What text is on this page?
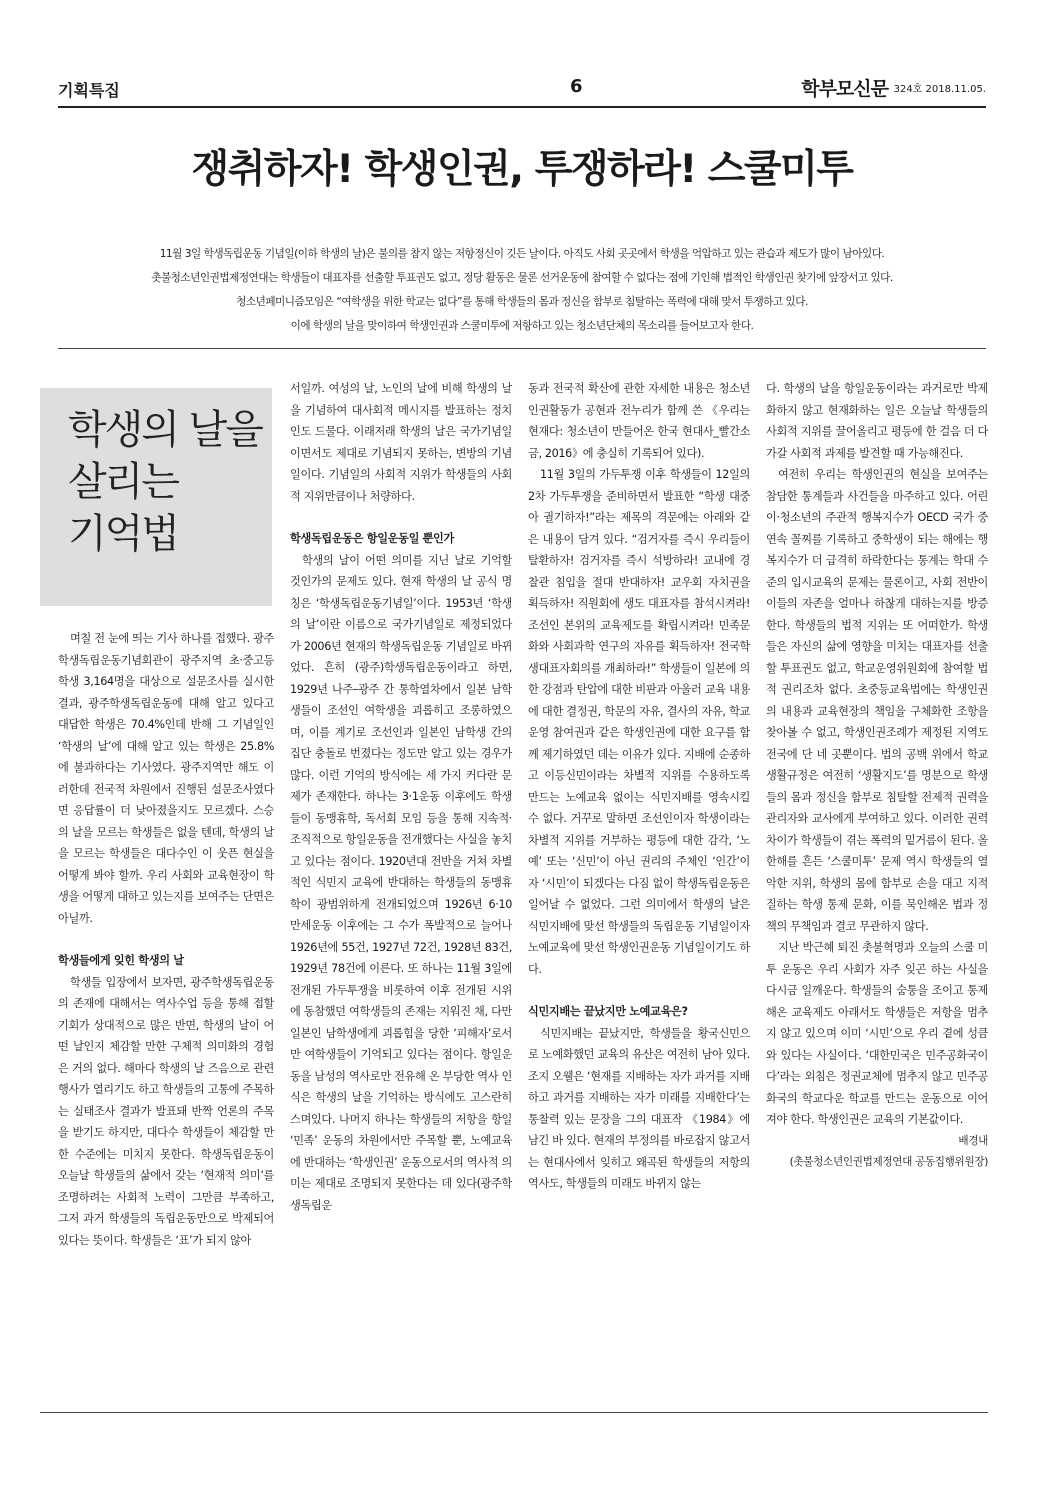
기획특집	6	학부모신문 324호 2018.11.05.
쟁취하자! 학생인권, 투쟁하라! 스쿨미투
11월 3일 학생독립운동 기념일(이하 학생의 날)은 불의를 참지 않는 저항정신이 깃든 날이다. 아직도 사회 곳곳에서 학생을 억압하고 있는 관습과 제도가 많이 남아있다.
촛불청소년인권법제정연대는 학생들이 대표자를 선출할 투표권도 없고, 정당 활동은 물론 선거운동에 참여할 수 없다는 점에 기인해 법적인 학생인권 찾기에 앞장서고 있다.
청소년페미니즘모임은 “여학생을 위한 학교는 없다”를 통해 학생들의 몸과 정신을 함부로 침탈하는 폭력에 대해 맞서 투쟁하고 있다.
이에 학생의 날을 맞이하여 학생인권과 스쿨미투에 저항하고 있는 청소년단체의 목소리를 들어보고자 한다.
학생의 날을
살리는
기억법

며칠 전 눈에 띄는 기사 하나를 접했다. 광주학생독립운동기념회관이 광주지역 초·중고등학생 3,164명을 대상으로 설문조사를 실시한 결과, 광주학생독립운동에 대해 알고 있다고 대답한 학생은 70.4%인데 반해 그 기념일인 ‘학생의 날’에 대해 알고 있는 학생은 25.8%에 불과하다는 기사였다. 광주지역만 해도 이러한데 전국적 차원에서 진행된 설문조사였다면 응답률이 더 낮아졌을지도 모르겠다. 스승의 날을 모르는 학생들은 없을 텐데, 학생의 날을 모르는 학생들은 대다수인 이 웃픈 현실을 어떻게 봐야 할까. 우리 사회와 교육현장이 학생을 어떻게 대하고 있는지를 보여주는 단면은 아닐까.

학생들에게 잊힌 학생의 날

학생들 입장에서 보자면, 광주학생독립운동의 존재에 대해서는 역사수업 등을 통해 접할 기회가 상대적으로 많은 반면, 학생의 날이 어떤 날인지 체감할 만한 구체적 의미화의 경험은 거의 없다. 해마다 학생의 날 즈음으로 관련 행사가 열리기도 하고 학생들의 고통에 주목하는 실태조사 결과가 발표돼 반짝 언론의 주목을 받기도 하지만, 대다수 학생들이 체감할 만한 수준에는 미치지 못한다. 학생독립운동이 오늘날 학생들의 삶에서 갖는 ‘현재적 의미’를 조명하려는 사회적 노력이 그만큼 부족하고, 그저 과거 학생들의 독립운동만으로 박제되어 있다는 뜻이다. 학생들은 ‘표’가 되지 않아

서일까. 여성의 날, 노인의 날에 비해 학생의 날을 기념하여 대사회적 메시지를 발표하는 정치인도 드물다. 이래저래 학생의 날은 국가기념일이면서도 제대로 기념되지 못하는, 변방의 기념일이다. 기념일의 사회적 지위가 학생들의 사회적 지위만큼이나 처량하다.

학생독립운동은 항일운동일 뿐인가

학생의 날이 어떤 의미를 지닌 날로 기억할 것인가의 문제도 있다. 현재 학생의 날 공식 명칭은 ‘학생독립운동기념일’이다. 1953년 ‘학생의 날’이란 이름으로 국가기념일로 제정되었다가 2006년 현재의 학생독립운동 기념일로 바뀌었다. 흔히 (광주)학생독립운동이라고 하면, 1929년 나주–광주 간 통학열차에서 일본 남학생들이 조선인 여학생을 괴롭히고 조롱하였으며, 이를 계기로 조선인과 일본인 남학생 간의 집단 충돌로 번졌다는 정도만 알고 있는 경우가 많다. 이런 기억의 방식에는 세 가지 커다란 문제가 존재한다. 하나는 3·1운동 이후에도 학생들이 동맹휴학, 독서회 모임 등을 통해 지속적·조직적으로 항일운동을 전개했다는 사실을 놓치고 있다는 점이다. 1920년대 전반을 거쳐 차별적인 식민지 교육에 반대하는 학생들의 동맹휴학이 광범위하게 전개되었으며 1926년 6·10 만세운동 이후에는 그 수가 폭발적으로 늘어나 1926년에 55건, 1927년 72건, 1928년 83건, 1929년 78건에 이른다. 또 하나는 11월 3일에 전개된 가두투쟁을 비롯하여 이후 전개된 시위에 동참했던 여학생들의 존재는 지워진 채, 다만 일본인 남학생에게 괴롭힘을 당한 ‘피해자’로서만 여학생들이 기억되고 있다는 점이다. 항일운동을 남성의 역사로만 전유해 온 부당한 역사 인식은 학생의 날을 기억하는 방식에도 고스란히 스며있다. 나머지 하나는 학생들의 저항을 항일 ‘민족’ 운동의 차원에서만 주목할 뿐, 노예교육에 반대하는 ‘학생인권’ 운동으로서의 역사적 의미는 제대로 조명되지 못한다는 데 있다(광주학생독립운

동과 전국적 확산에 관한 자세한 내용은 청소년인권활동가 공현과 전누리가 함께 쓴 《우리는 현재다: 청소년이 만들어온 한국 현대사_빨간소금, 2016》에 충실히 기록되어 있다).

11월 3일의 가두투쟁 이후 학생들이 12일의 2차 가두투쟁을 준비하면서 발표한 “학생 대중아 궐기하자!”라는 제목의 격문에는 아래와 같은 내용이 담겨 있다. “검거자를 즉시 우리들이 탈환하자! 검거자를 즉시 석방하라! 교내에 경찰관 침입을 절대 반대하자! 교우회 자치권을 획득하자! 직원회에 생도 대표자를 참석시켜라! 조선인 본위의 교육제도를 확립시켜라! 민족문화와 사회과학 연구의 자유를 획득하자! 전국학생대표자회의를 개최하라!” 학생들이 일본에 의한 강점과 탄압에 대한 비판과 아울러 교육 내용에 대한 결정권, 학문의 자유, 결사의 자유, 학교운영 참여권과 같은 학생인권에 대한 요구를 함께 제기하였던 데는 이유가 있다. 지배에 순종하고 이등신민이라는 차별적 지위를 수용하도록 만드는 노예교육 없이는 식민지배를 영속시킬 수 없다. 거꾸로 말하면 조선인이자 학생이라는 차별적 지위를 거부하는 평등에 대한 감각, ‘노예’ 또는 ‘신민’이 아닌 권리의 주체인 ‘인간’이자 ‘시민’이 되겠다는 다짐 없이 학생독립운동은 일어날 수 없었다. 그런 의미에서 학생의 날은 식민지배에 맞선 학생들의 독립운동 기념일이자 노예교육에 맞선 학생인권운동 기념일이기도 하다.

식민지배는 끝났지만 노예교육은?

식민지배는 끝났지만, 학생들을 황국신민으로 노예화했던 교육의 유산은 여전히 남아 있다. 조지 오웰은 ‘현재를 지배하는 자가 과거를 지배하고 과거를 지배하는 자가 미래를 지배한다’는 통찰력 있는 문장을 그의 대표작 《1984》에 남긴 바 있다. 현재의 부정의를 바로잡지 않고서는 현대사에서 잊히고 왜곡된 학생들의 저항의 역사도, 학생들의 미래도 바뀌지 않는

다. 학생의 날을 항일운동이라는 과거로만 박제화하지 않고 현재화하는 일은 오늘날 학생들의 사회적 지위를 끌어올리고 평등에 한 걸음 더 다가갈 사회적 과제를 발견할 때 가능해진다.

여전히 우리는 학생인권의 현실을 보여주는 참담한 통계들과 사건들을 마주하고 있다. 어린이·청소년의 주관적 행복지수가 OECD 국가 중 연속 꼴찌를 기록하고 중학생이 되는 해에는 행복지수가 더 급격히 하락한다는 통계는 학대 수준의 입시교육의 문제는 물론이고, 사회 전반이 이들의 자존을 얼마나 하찮게 대하는지를 방증한다. 학생들의 법적 지위는 또 어떠한가. 학생들은 자신의 삶에 영향을 미치는 대표자를 선출할 투표권도 없고, 학교운영위원회에 참여할 법적 권리조차 없다. 초중등교육법에는 학생인권의 내용과 교육현장의 책임을 구체화한 조항을 찾아볼 수 없고, 학생인권조례가 제정된 지역도 전국에 단 네 곳뿐이다. 법의 공백 위에서 학교생활규정은 여전히 ‘생활지도’를 명분으로 학생들의 몸과 정신을 함부로 침탈할 전제적 권력을 관리자와 교사에게 부여하고 있다. 이러한 권력 차이가 학생들이 겪는 폭력의 밑거름이 된다. 올 한해를 흔든 ‘스쿨미투’ 문제 역시 학생들의 열악한 지위, 학생의 몸에 함부로 손을 대고 지적질하는 학생 통제 문화, 이를 묵인해온 법과 정책의 무책임과 결코 무관하지 않다.

지난 박근혜 퇴진 촛불혁명과 오늘의 스쿨 미투 운동은 우리 사회가 자주 잊곤 하는 사실을 다시금 일깨운다. 학생들의 숨통을 조이고 통제해온 교육제도 아래서도 학생들은 저항을 멈추지 않고 있으며 이미 ‘시민’으로 우리 곁에 성큼 와 있다는 사실이다. ‘대한민국은 민주공화국이다’라는 외침은 정권교체에 멈추지 않고 민주공화국의 학교다운 학교를 만드는 운동으로 이어져야 한다. 학생인권은 교육의 기본값이다.

배경내
(촛불청소년인권법제정연대 공동집행위원장)
